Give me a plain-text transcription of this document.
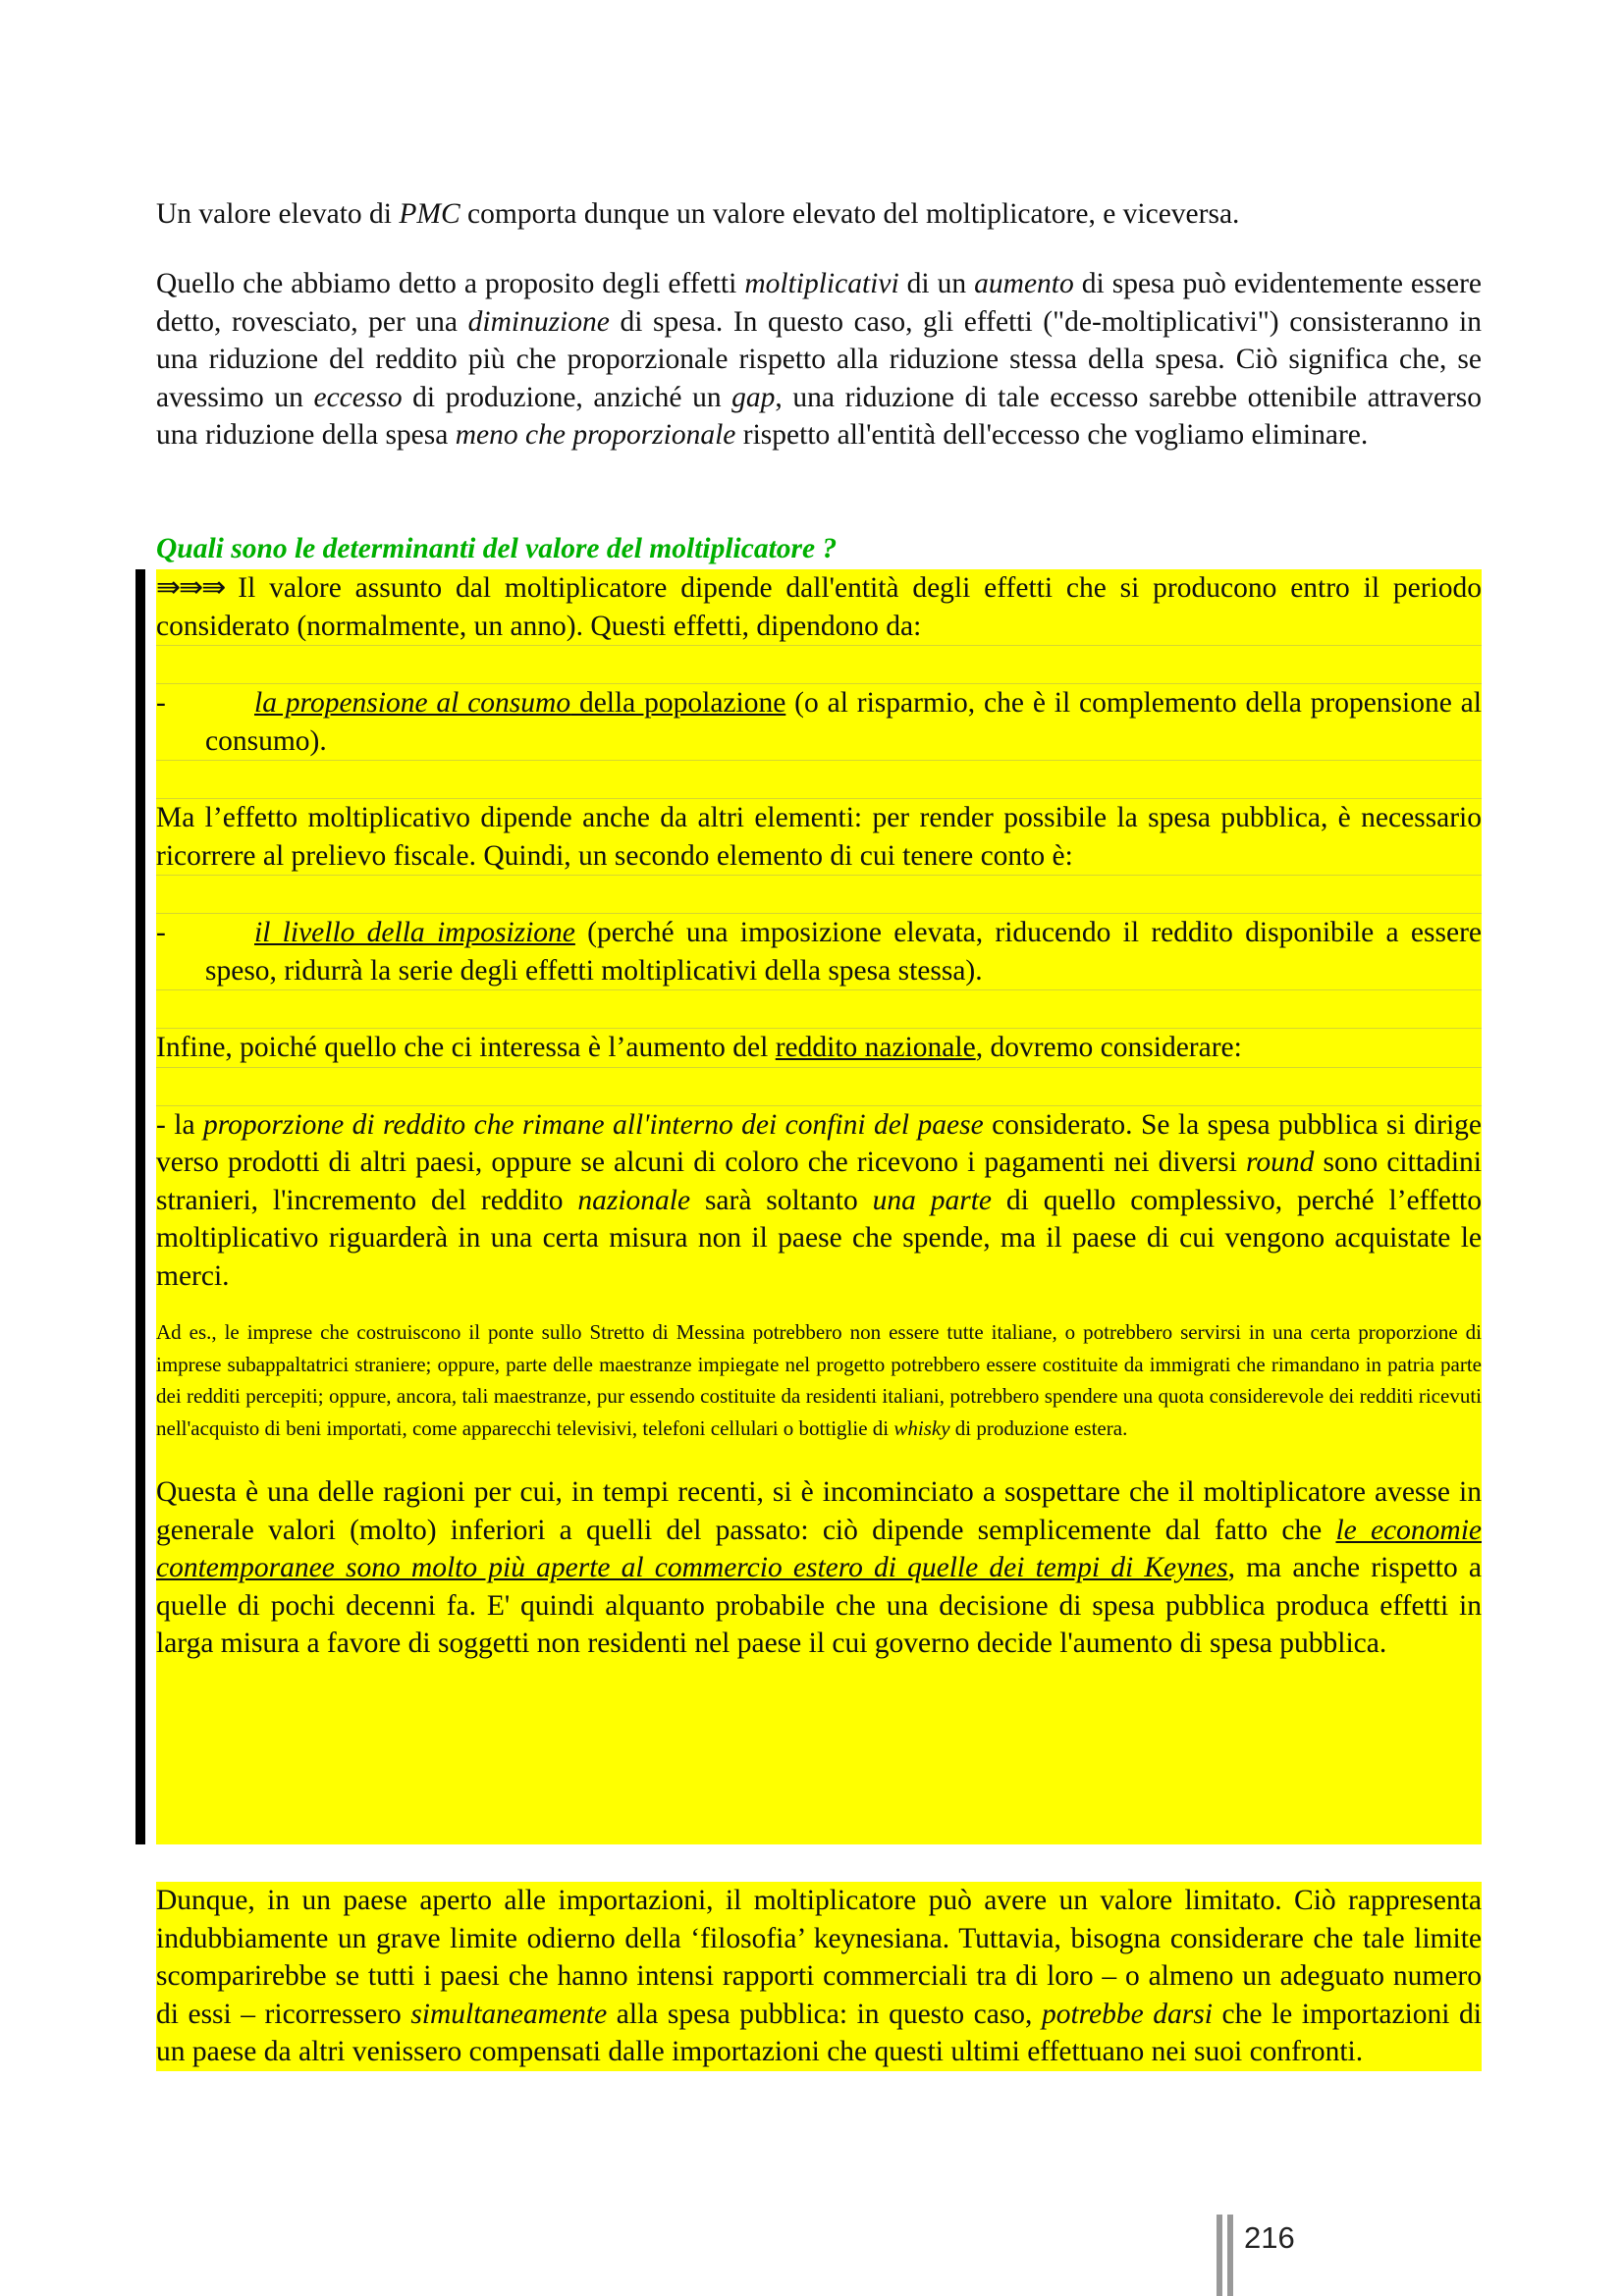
Un valore elevato di PMC comporta dunque un valore elevato del moltiplicatore, e viceversa.

Quello che abbiamo detto a proposito degli effetti moltiplicativi di un aumento di spesa può evidentemente essere detto, rovesciato, per una diminuzione di spesa. In questo caso, gli effetti ("de-moltiplicativi") consisteranno in una riduzione del reddito più che proporzionale rispetto alla riduzione stessa della spesa. Ciò significa che, se avessimo un eccesso di produzione, anziché un gap, una riduzione di tale eccesso sarebbe ottenibile attraverso una riduzione della spesa meno che proporzionale rispetto all'entità dell'eccesso che vogliamo eliminare.

Quali sono le determinanti del valore del moltiplicatore ?

⇛⇛⇛ Il valore assunto dal moltiplicatore dipende dall'entità degli effetti che si producono entro il periodo considerato (normalmente, un anno). Questi effetti, dipendono da:

-	la propensione al consumo della popolazione (o al risparmio, che è il complemento della propensione al consumo).

Ma l’effetto moltiplicativo dipende anche da altri elementi: per render possibile la spesa pubblica, è necessario ricorrere al prelievo fiscale. Quindi, un secondo elemento di cui tenere conto è:

-	il livello della imposizione (perché una imposizione elevata, riducendo il reddito disponibile a essere speso, ridurrà la serie degli effetti moltiplicativi della spesa stessa).

Infine, poiché quello che ci interessa è l’aumento del reddito nazionale, dovremo considerare:

- la proporzione di reddito che rimane all'interno dei confini del paese considerato. Se la spesa pubblica si dirige verso prodotti di altri paesi, oppure se alcuni di coloro che ricevono i pagamenti nei diversi round sono cittadini stranieri, l'incremento del reddito nazionale sarà soltanto una parte di quello complessivo, perché l’effetto moltiplicativo riguarderà in una certa misura non il paese che spende, ma il paese di cui vengono acquistate le merci.

Ad es., le imprese che costruiscono il ponte sullo Stretto di Messina potrebbero non essere tutte italiane, o potrebbero servirsi in una certa proporzione di imprese subappaltatrici straniere; oppure, parte delle maestranze impiegate nel progetto potrebbero essere costituite da immigrati che rimandano in patria parte dei redditi percepiti; oppure, ancora, tali maestranze, pur essendo costituite da residenti italiani, potrebbero spendere una quota considerevole dei redditi ricevuti nell'acquisto di beni importati, come apparecchi televisivi, telefoni cellulari o bottiglie di whisky di produzione estera.

Questa è una delle ragioni per cui, in tempi recenti, si è incominciato a sospettare che il moltiplicatore avesse in generale valori (molto) inferiori a quelli del passato: ciò dipende semplicemente dal fatto che le economie contemporanee sono molto più aperte al commercio estero di quelle dei tempi di Keynes, ma anche rispetto a quelle di pochi decenni fa. E' quindi alquanto probabile che una decisione di spesa pubblica produca effetti in larga misura a favore di soggetti non residenti nel paese il cui governo decide l'aumento di spesa pubblica.

Dunque, in un paese aperto alle importazioni, il moltiplicatore può avere un valore limitato. Ciò rappresenta indubbiamente un grave limite odierno della ‘filosofia’ keynesiana. Tuttavia, bisogna considerare che tale limite scomparirebbe se tutti i paesi che hanno intensi rapporti commerciali tra di loro – o almeno un adeguato numero di essi – ricorressero simultaneamente alla spesa pubblica: in questo caso, potrebbe darsi che le importazioni di un paese da altri venissero compensati dalle importazioni che questi ultimi effettuano nei suoi confronti.

216
